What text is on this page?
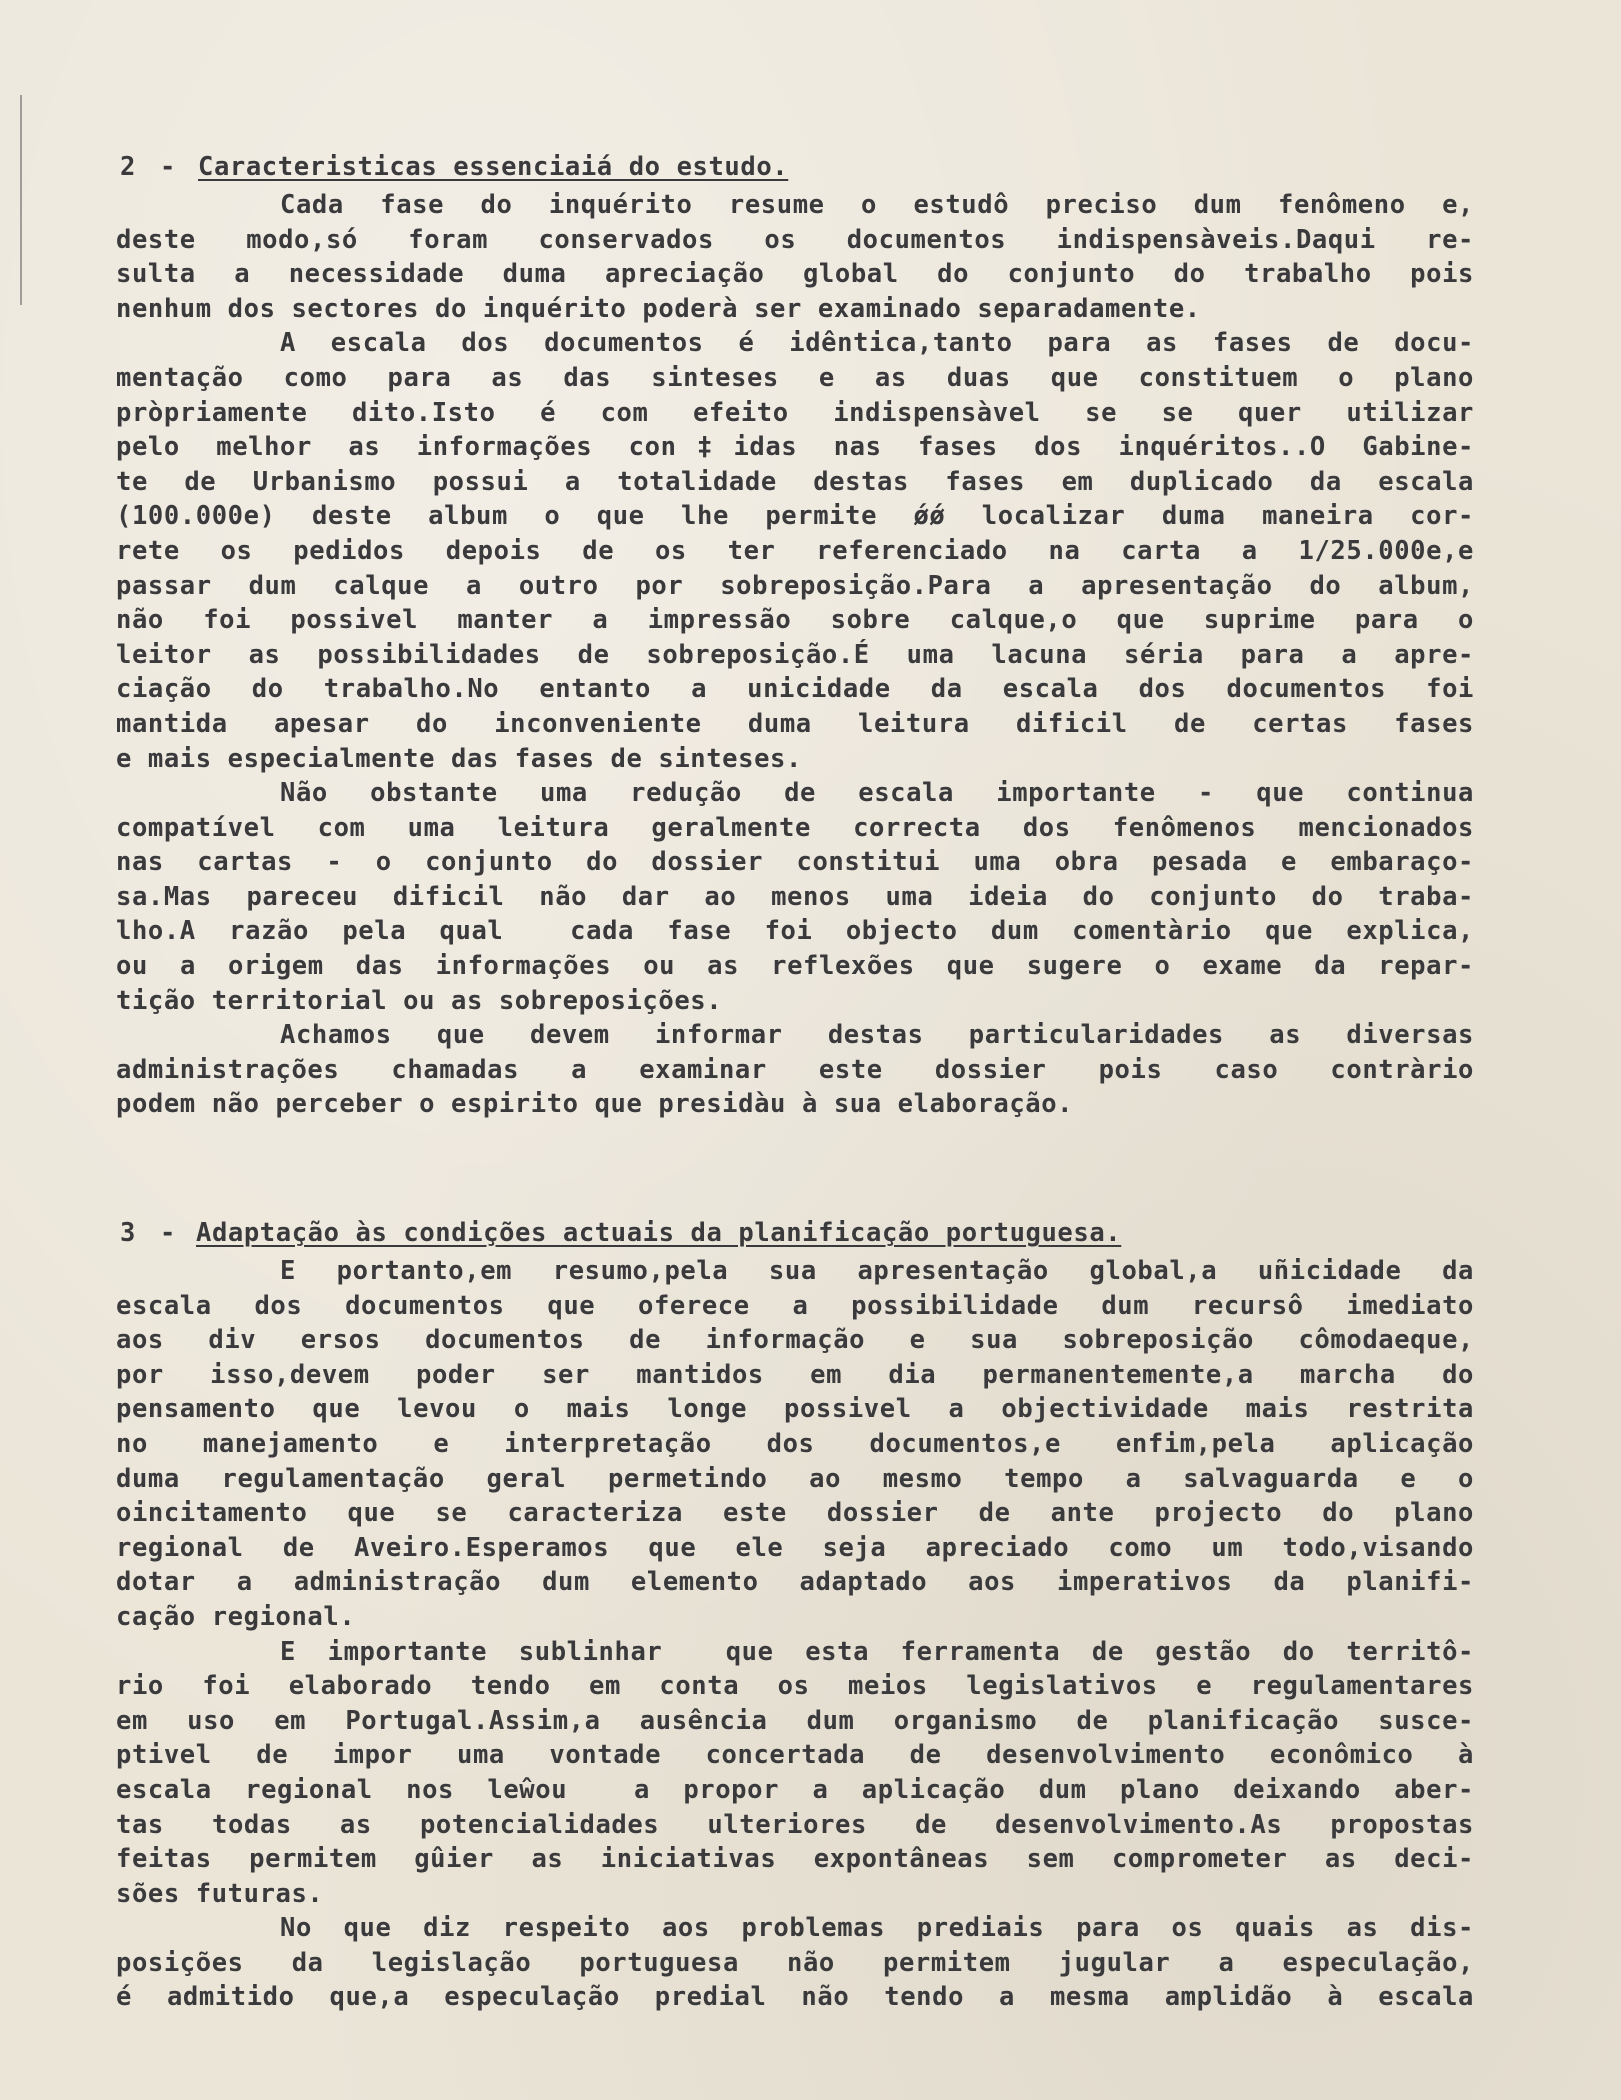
2

-

Caracteristicas essenciaiá do estudo.

Cada fase do inquérito resume o estudô preciso dum fenômeno e,
deste modo,só foram conservados os documentos indispensàveis.Daqui re-
sulta a necessidade duma apreciação global do conjunto do trabalho pois
nenhum dos sectores do inquérito poderà ser examinado separadamente.
A escala dos documentos é idêntica,tanto para as fases de docu-
mentação como para as das sinteses e as duas que constituem o plano
pròpriamente dito.Isto é com efeito indispensàvel se se quer utilizar
pelo melhor as informações con‡idas nas fases dos inquéritos..O Gabine-
te de Urbanismo possui a totalidade destas fases em duplicado da escala
(100.000e) deste album o que lhe permite ǿǿ localizar duma maneira cor-
rete os pedidos depois de os ter referenciado na carta a 1/25.000e,e
passar dum calque a outro por sobreposição.Para a apresentação do album,
não foi possivel manter a impressão sobre calque,o que suprime para o
leitor as possibilidades de sobreposição.É uma lacuna séria para a apre-
ciação do trabalho.No entanto a unicidade da escala dos documentos foi
mantida apesar do inconveniente duma leitura dificil de certas fases
e mais especialmente das fases de sinteses.
Não obstante uma redução de escala importante - que continua
compatível com uma leitura geralmente correcta dos fenômenos mencionados
nas cartas - o conjunto do dossier constitui uma obra pesada e embaraço-
sa.Mas pareceu dificil não dar ao menos uma ideia do conjunto do traba-
lho.A razão pela qual  cada fase foi objecto dum comentàrio que explica,
ou a origem das informações ou as reflexões que sugere o exame da repar-
tição territorial ou as sobreposições.
Achamos que devem informar destas particularidades as diversas
administrações chamadas a examinar este dossier pois caso contràrio
podem não perceber o espirito que presidàu à sua elaboração.

3

-

Adaptação às condições actuais da planificação portuguesa.

E portanto,em resumo,pela sua apresentação global,a uñicidade da
escala dos documentos que oferece a possibilidade dum recursô imediato
aos div ersos documentos de informação e sua sobreposição cômodaeque,
por isso,devem poder ser mantidos em dia permanentemente,a marcha do
pensamento que levou o mais longe possivel a objectividade mais restrita
no manejamento e interpretação dos documentos,e enfim,pela aplicação
duma regulamentação geral permetindo ao mesmo tempo a salvaguarda e o
oincitamento que se caracteriza este dossier de ante projecto do plano
regional de Aveiro.Esperamos que ele seja apreciado como um todo,visando
dotar a administração dum elemento adaptado aos imperativos da planifi-
cação regional.
E importante sublinhar  que esta ferramenta de gestão do territô-
rio foi elaborado tendo em conta os meios legislativos e regulamentares
em uso em Portugal.Assim,a ausência dum organismo de planificação susce-
ptivel de impor uma vontade concertada de desenvolvimento econômico à
escala regional nos leŵou  a propor a aplicação dum plano deixando aber-
tas todas as potencialidades ulteriores de desenvolvimento.As propostas
feitas permitem gûier as iniciativas expontâneas sem comprometer as deci-
sões futuras.
No que diz respeito aos problemas prediais para os quais as dis-
posições da legislação portuguesa não permitem jugular a especulação,
é admitido que,a especulação predial não tendo a mesma amplidão à escala
